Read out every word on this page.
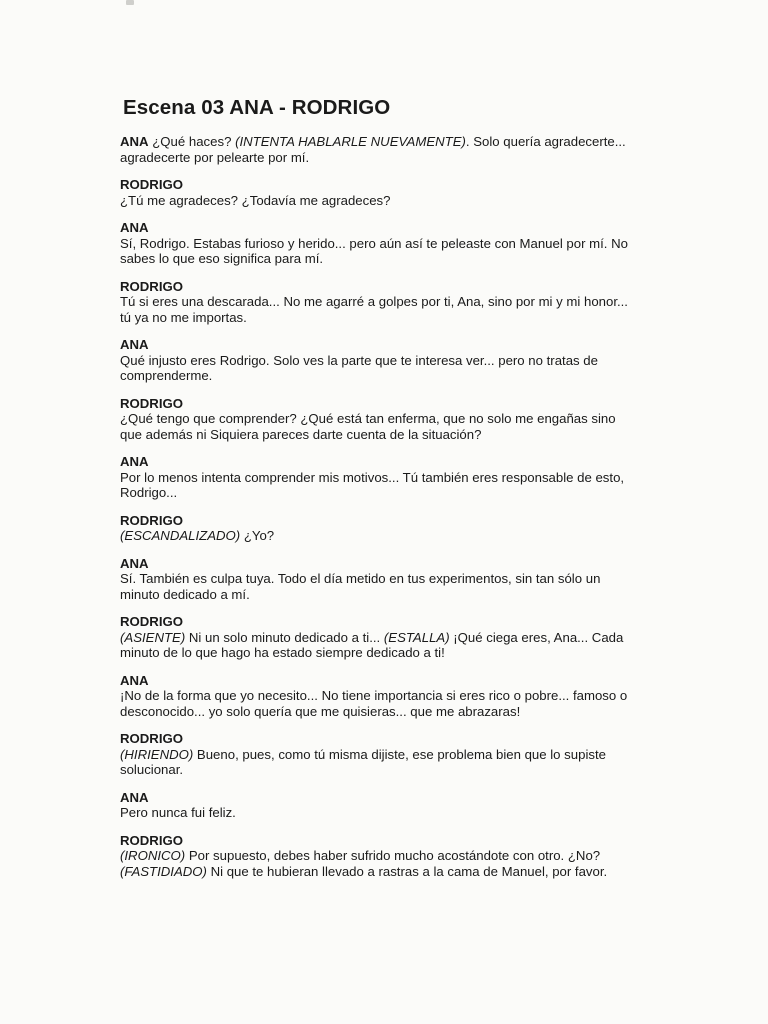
Escena 03 ANA - RODRIGO
ANA ¿Qué haces? (INTENTA HABLARLE NUEVAMENTE). Solo quería agradecerte...
agradecerte por pelearte por mí.
RODRIGO
¿Tú me agradeces? ¿Todavía me agradeces?
ANA
Sí, Rodrigo. Estabas furioso y herido... pero aún así te peleaste con Manuel por mí. No
sabes lo que eso significa para mí.
RODRIGO
Tú si eres una descarada... No me agarré a golpes por ti, Ana, sino por mi y mi honor...
tú ya no me importas.
ANA
Qué injusto eres Rodrigo. Solo ves la parte que te interesa ver... pero no tratas de
comprenderme.
RODRIGO
¿Qué tengo que comprender? ¿Qué está tan enferma, que no solo me engañas sino
que además ni Siquiera pareces darte cuenta de la situación?
ANA
Por lo menos intenta comprender mis motivos... Tú también eres responsable de esto,
Rodrigo...
RODRIGO
(ESCANDALIZADO) ¿Yo?
ANA
Sí. También es culpa tuya. Todo el día metido en tus experimentos, sin tan sólo un
minuto dedicado a mí.
RODRIGO
(ASIENTE) Ni un solo minuto dedicado a ti... (ESTALLA) ¡Qué ciega eres, Ana... Cada
minuto de lo que hago ha estado siempre dedicado a ti!
ANA
¡No de la forma que yo necesito... No tiene importancia si eres rico o pobre... famoso o
desconocido... yo solo quería que me quisieras... que me abrazaras!
RODRIGO
(HIRIENDO) Bueno, pues, como tú misma dijiste, ese problema bien que lo supiste
solucionar.
ANA
Pero nunca fui feliz.
RODRIGO
(IRONICO) Por supuesto, debes haber sufrido mucho acostándote con otro. ¿No?
(FASTIDIADO) Ni que te hubieran llevado a rastras a la cama de Manuel, por favor.
